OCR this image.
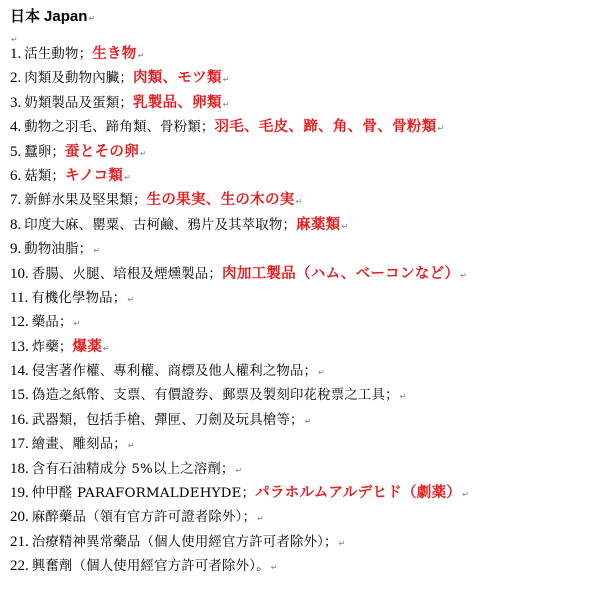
日本 Japan↵
↵
1. 活生動物；生き物↵
2. 肉類及動物內臟；肉類、モツ類↵
3. 奶類製品及蛋類；乳製品、卵類↵
4. 動物之羽毛、蹄角類、骨粉類；羽毛、毛皮、蹄、角、骨、骨粉類↵
5. 蠶卵；蚕とその卵↵
6. 菇類；キノコ類↵
7. 新鮮水果及堅果類；生の果実、生の木の実↵
8. 印度大麻、罌粟、古柯鹼、鴉片及其萃取物；麻薬類↵
9. 動物油脂；↵
10. 香腸、火腿、培根及煙燻製品；肉加工製品（ハム、ベーコンなど）↵
11. 有機化學物品；↵
12. 藥品；↵
13. 炸藥；爆薬↵
14. 侵害著作權、專利權、商標及他人權利之物品；↵
15. 偽造之紙幣、支票、有價證券、郵票及製刻印花稅票之工具；↵
16. 武器類，包括手槍、彈匣、刀劍及玩具槍等；↵
17. 繪畫、雕刻品；↵
18. 含有石油精成分 5%以上之溶劑；↵
19. 仲甲醛 PARAFORMALDEHYDE；パラホルムアルデヒド（劇薬）↵
20. 麻醉藥品（領有官方許可證者除外）；↵
21. 治療精神異常藥品（個人使用經官方許可者除外）；↵
22. 興奮劑（個人使用經官方許可者除外）。↵
